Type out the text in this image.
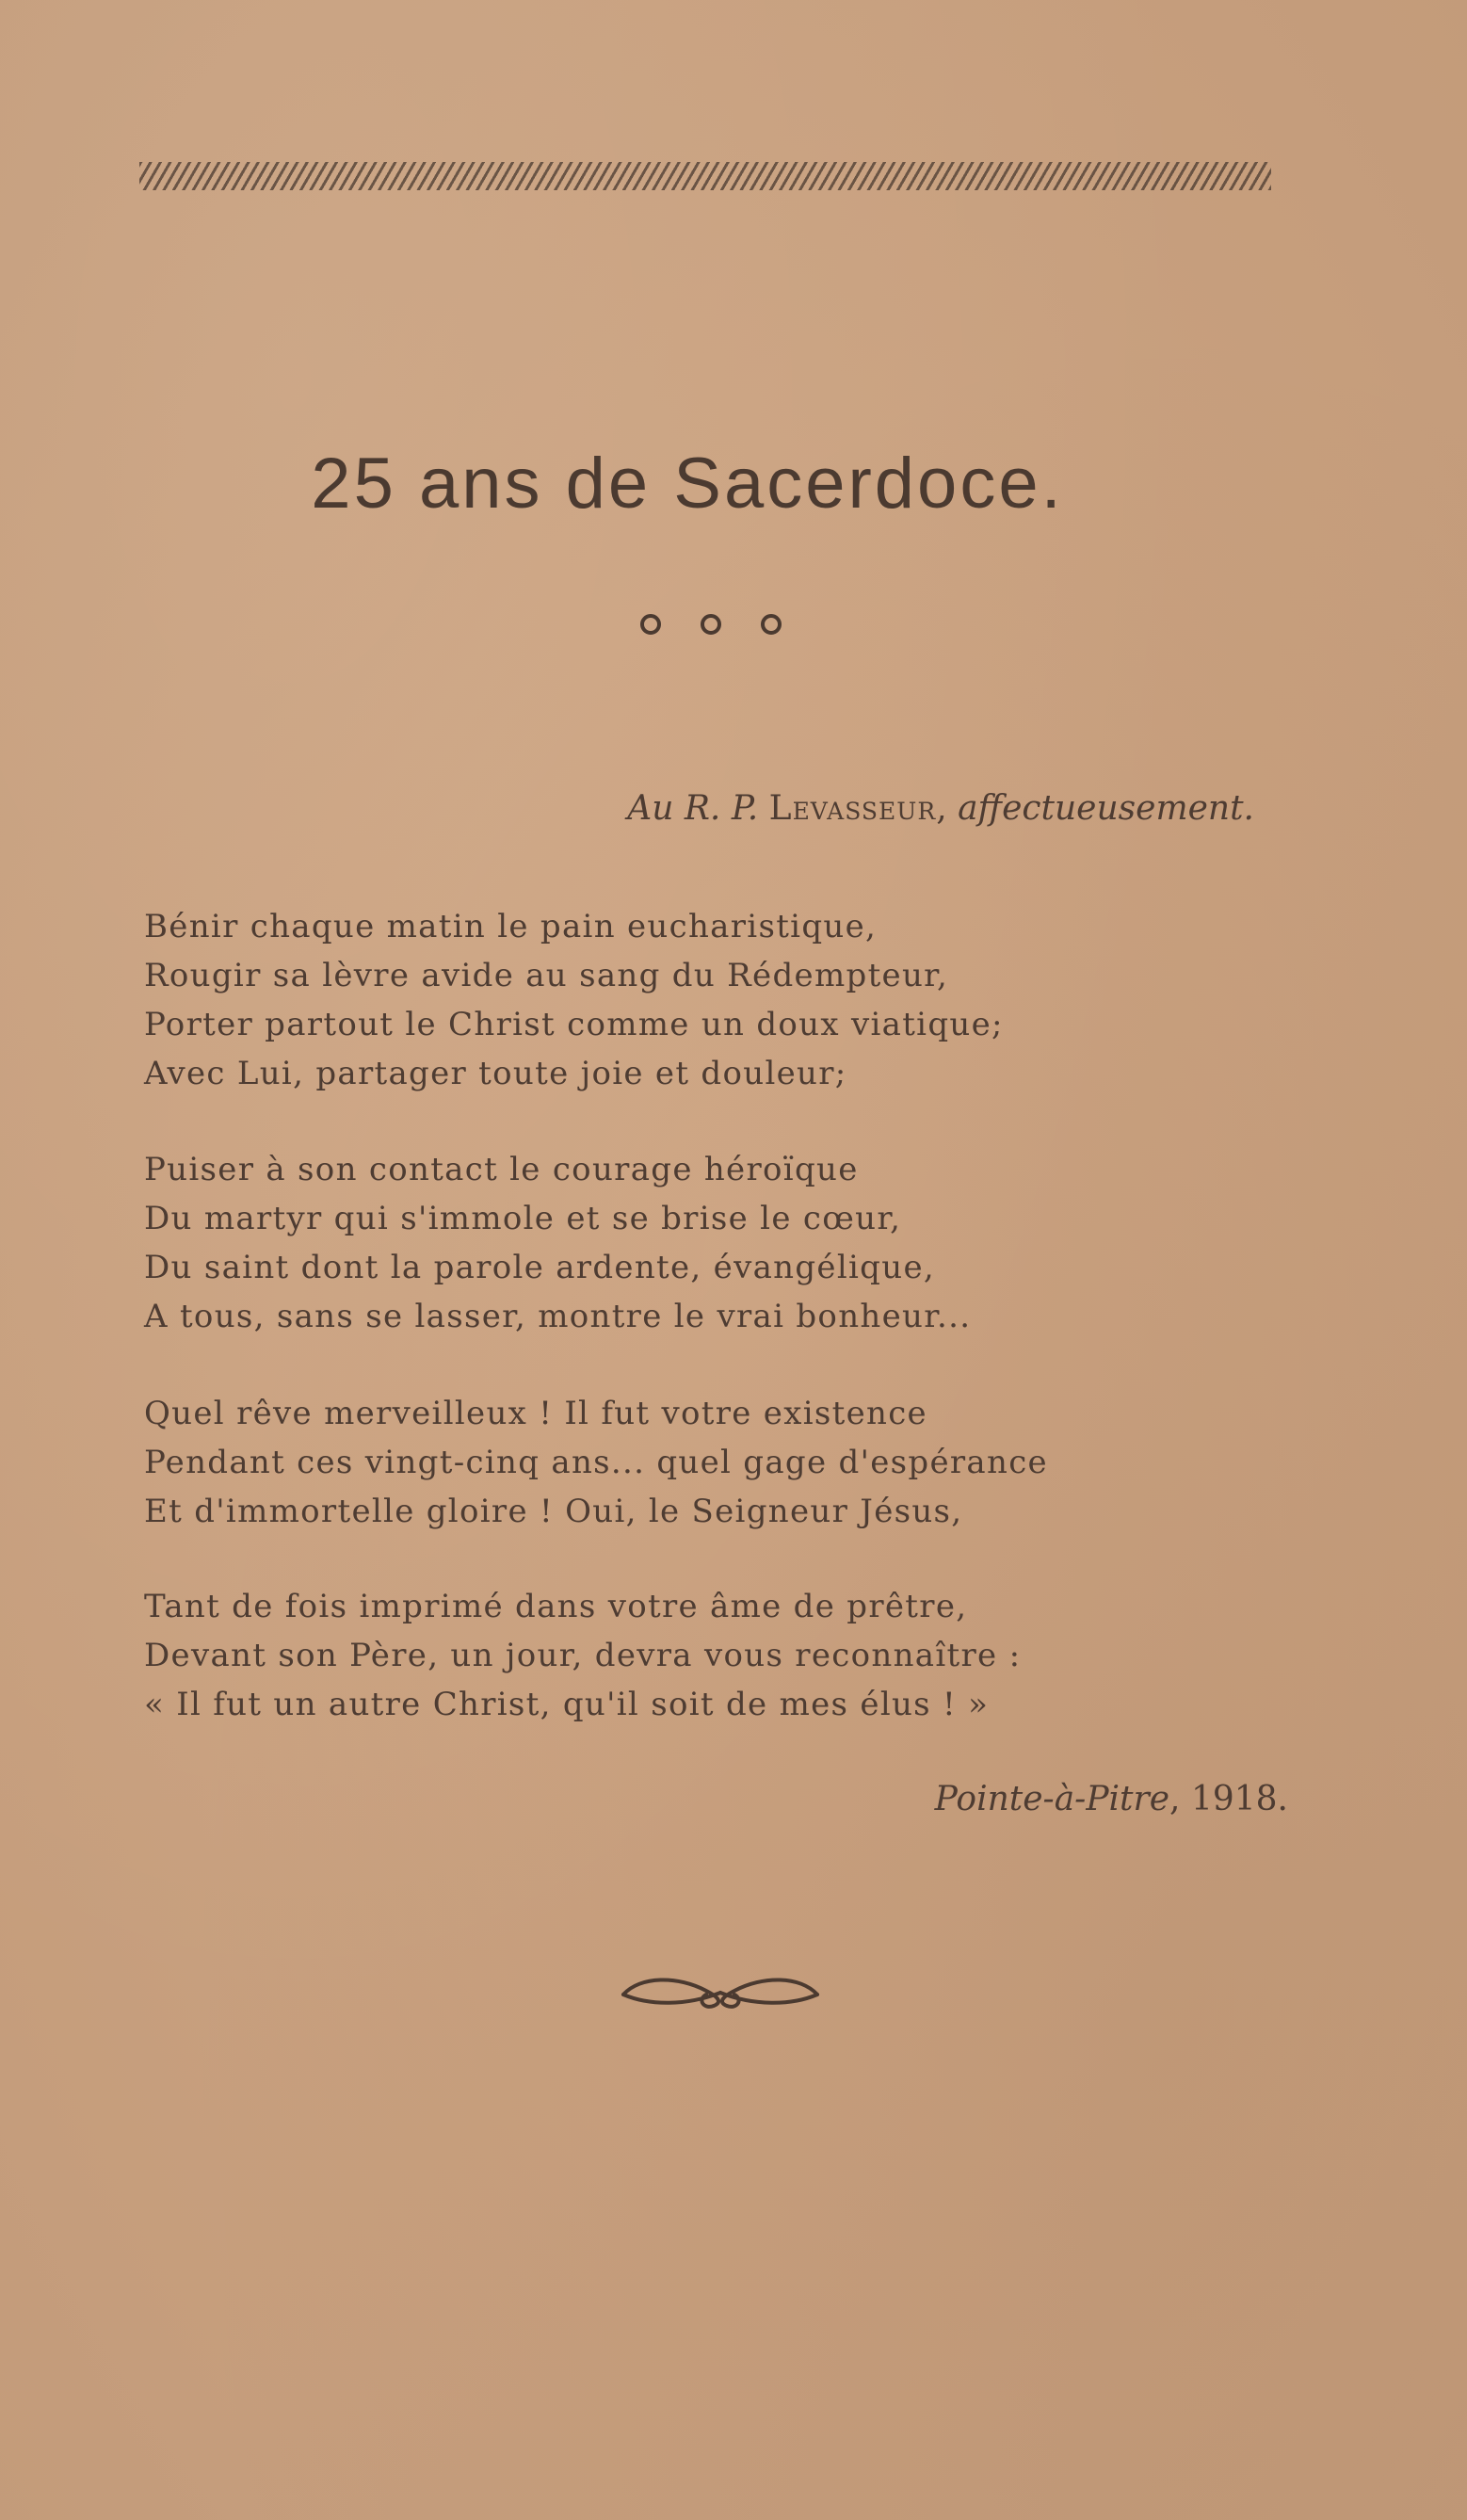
25 ans de Sacerdoce.
Au R. P. Levasseur, affectueusement.
Bénir chaque matin le pain eucharistique,
Rougir sa lèvre avide au sang du Rédempteur,
Porter partout le Christ comme un doux viatique;
Avec Lui, partager toute joie et douleur;
Puiser à son contact le courage héroïque
Du martyr qui s'immole et se brise le cœur,
Du saint dont la parole ardente, évangélique,
A tous, sans se lasser, montre le vrai bonheur...
Quel rêve merveilleux ! Il fut votre existence
Pendant ces vingt-cinq ans... quel gage d'espérance
Et d'immortelle gloire ! Oui, le Seigneur Jésus,
Tant de fois imprimé dans votre âme de prêtre,
Devant son Père, un jour, devra vous reconnaître :
« Il fut un autre Christ, qu'il soit de mes élus ! »
Pointe-à-Pitre, 1918.
